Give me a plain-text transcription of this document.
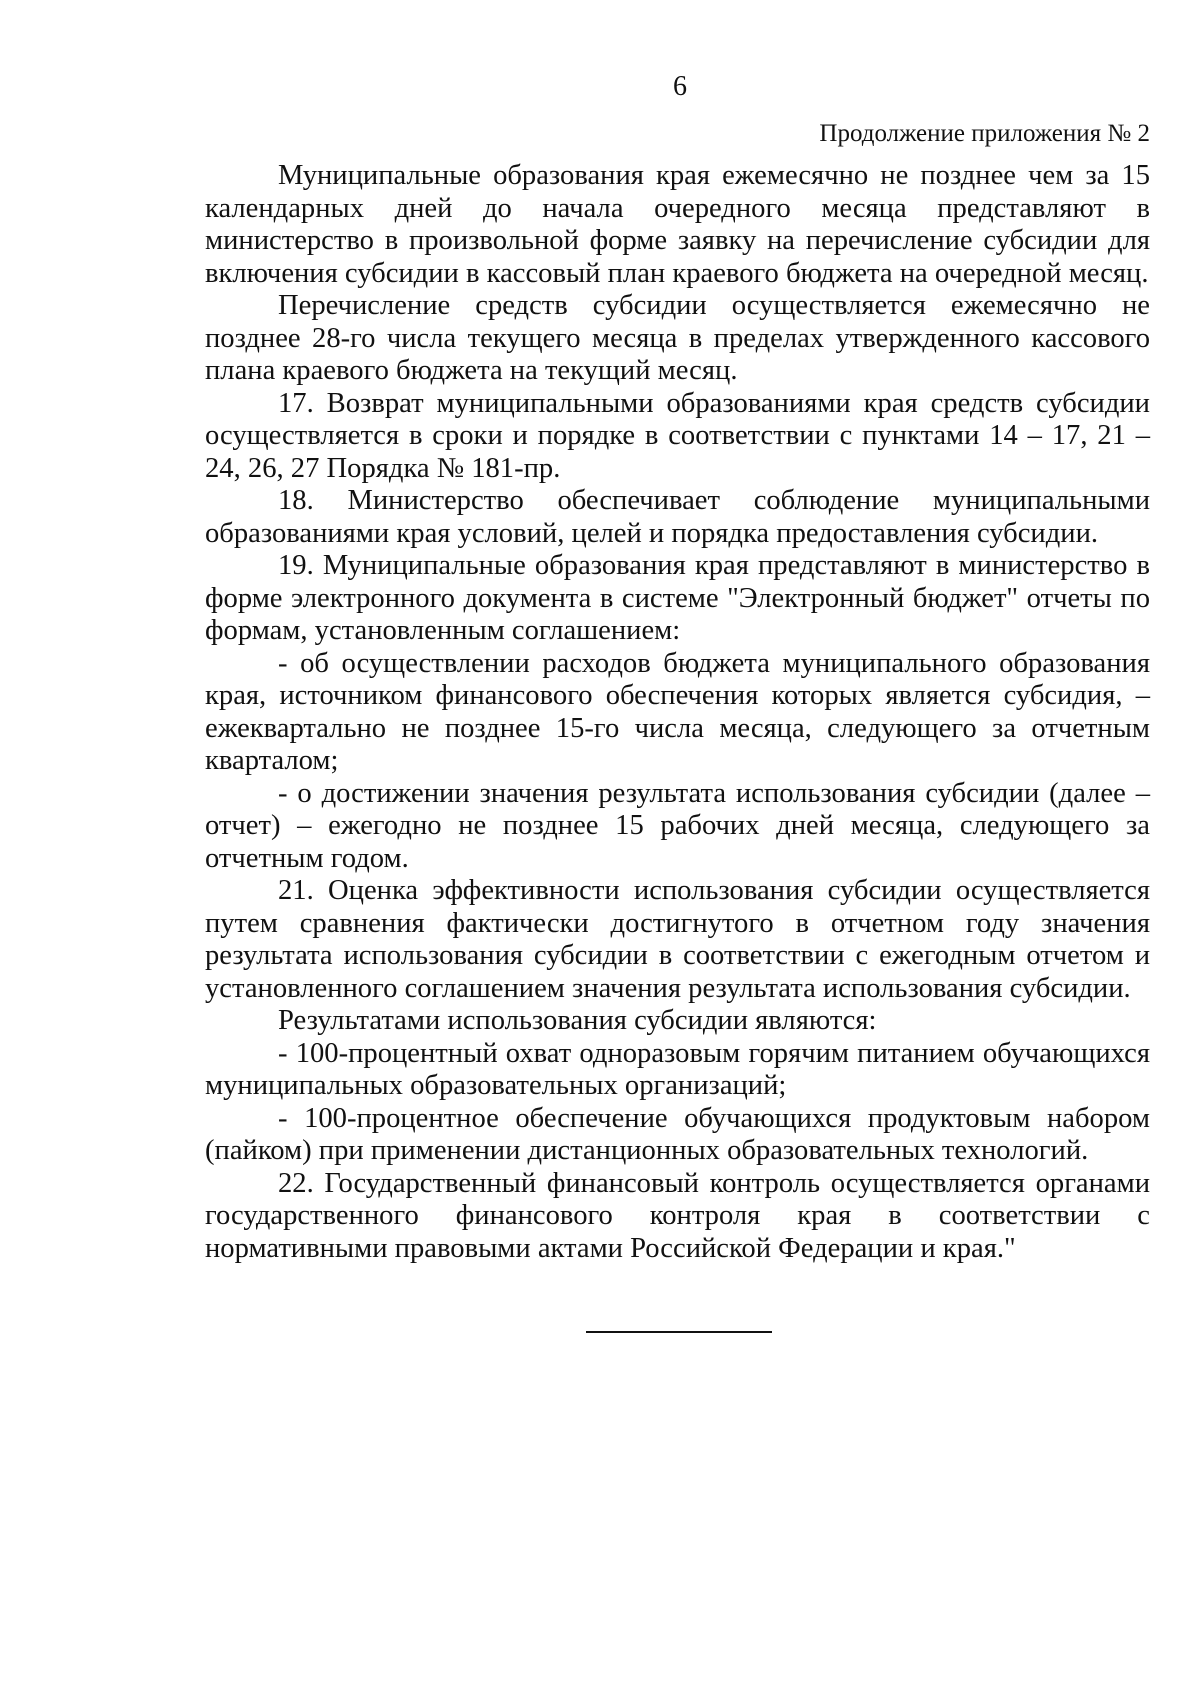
6
Продолжение приложения № 2

Муниципальные образования края ежемесячно не позднее чем за 15 календарных дней до начала очередного месяца представляют в министерство в произвольной форме заявку на перечисление субсидии для включения субсидии в кассовый план краевого бюджета на очередной месяц.

Перечисление средств субсидии осуществляется ежемесячно не позднее 28-го числа текущего месяца в пределах утвержденного кассового плана краевого бюджета на текущий месяц.

17. Возврат муниципальными образованиями края средств субсидии осуществляется в сроки и порядке в соответствии с пунктами 14 – 17, 21 – 24, 26, 27 Порядка № 181-пр.

18. Министерство обеспечивает соблюдение муниципальными образованиями края условий, целей и порядка предоставления субсидии.

19. Муниципальные образования края представляют в министерство в форме электронного документа в системе "Электронный бюджет" отчеты по формам, установленным соглашением:

- об осуществлении расходов бюджета муниципального образования края, источником финансового обеспечения которых является субсидия, – ежеквартально не позднее 15-го числа месяца, следующего за отчетным кварталом;

- о достижении значения результата использования субсидии (далее – отчет) – ежегодно не позднее 15 рабочих дней месяца, следующего за отчетным годом.

21. Оценка эффективности использования субсидии осуществляется путем сравнения фактически достигнутого в отчетном году значения результата использования субсидии в соответствии с ежегодным отчетом и установленного соглашением значения результата использования субсидии.

Результатами использования субсидии являются:

- 100-процентный охват одноразовым горячим питанием обучающихся муниципальных образовательных организаций;

- 100-процентное обеспечение обучающихся продуктовым набором (пайком) при применении дистанционных образовательных технологий.

22. Государственный финансовый контроль осуществляется органами государственного финансового контроля края в соответствии с нормативными правовыми актами Российской Федерации и края."
